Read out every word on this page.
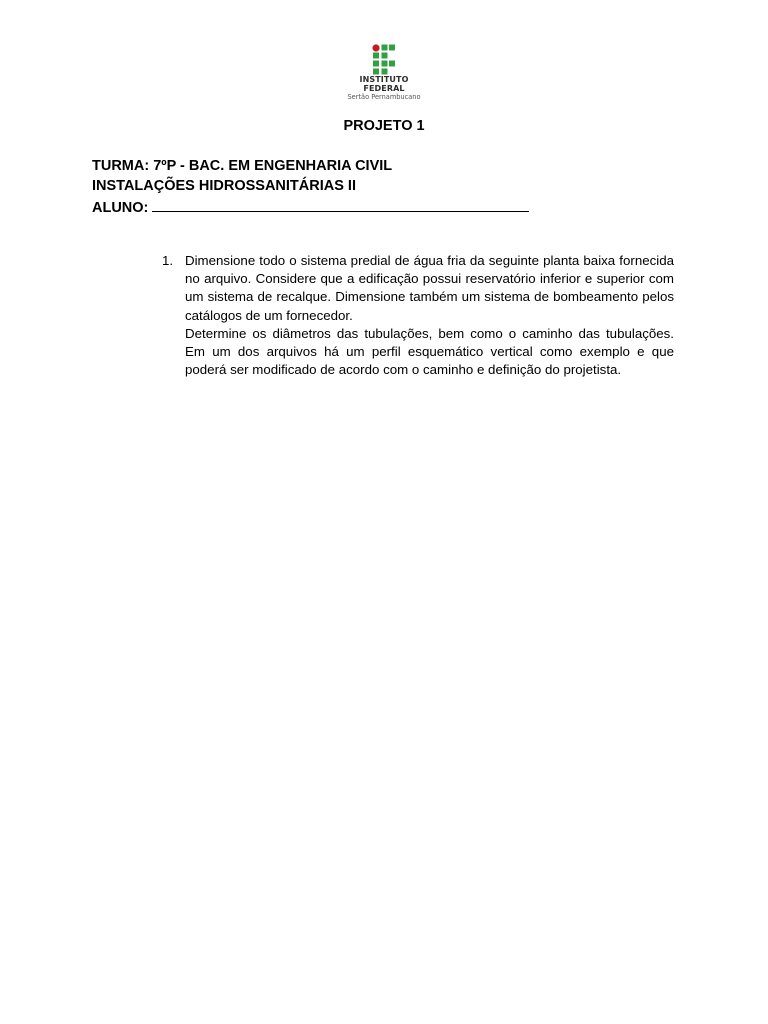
INSTITUTO
FEDERAL
Sertão Pernambucano
PROJETO 1
TURMA: 7ºP - BAC. EM ENGENHARIA CIVIL
INSTALAÇÕES HIDROSSANITÁRIAS II
ALUNO:
1. Dimensione todo o sistema predial de água fria da seguinte planta baixa fornecida no arquivo. Considere que a edificação possui reservatório inferior e superior com um sistema de recalque. Dimensione também um sistema de bombeamento pelos catálogos de um fornecedor.

Determine os diâmetros das tubulações, bem como o caminho das tubulações. Em um dos arquivos há um perfil esquemático vertical como exemplo e que poderá ser modificado de acordo com o caminho e definição do projetista.
